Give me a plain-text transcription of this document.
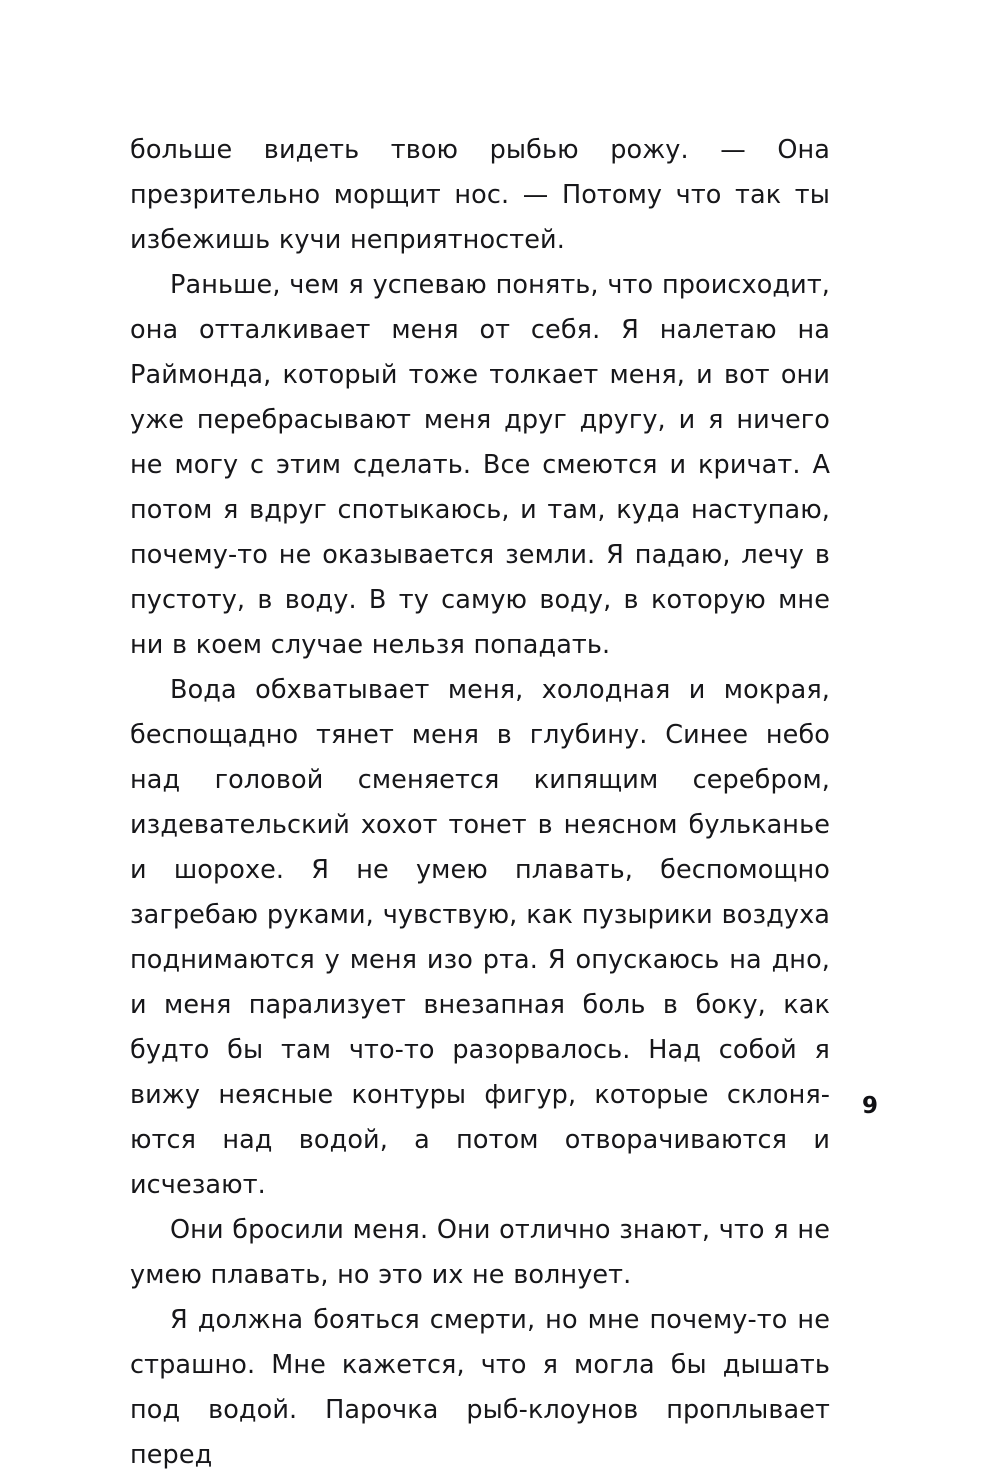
больше видеть твою рыбью рожу. — Она презрительно морщит нос. — Потому что так ты избежишь кучи неприятностей.

Раньше, чем я успеваю понять, что происходит, она отталкивает меня от себя. Я налетаю на Раймонда, который тоже толкает меня, и вот они уже перебрасывают меня друг другу, и я ничего не могу с этим сделать. Все смеются и кричат. А потом я вдруг спотыкаюсь, и там, куда наступаю, почему-то не оказывается земли. Я падаю, лечу в пустоту, в воду. В ту самую воду, в которую мне ни в коем случае нельзя попадать.

Вода обхватывает меня, холодная и мокрая, беспощадно тянет меня в глубину. Синее небо над головой сменяется кипящим серебром, издевательский хохот тонет в неясном бульканье и шорохе. Я не умею плавать, беспомощно загребаю руками, чувствую, как пузырики воздуха поднимаются у меня изо рта. Я опускаюсь на дно, и меня парализует внезапная боль в боку, как будто бы там что-то разорвалось. Над собой я вижу неясные контуры фигур, которые склоняются над водой, а потом отворачиваются и исчезают.

Они бросили меня. Они отлично знают, что я не умею плавать, но это их не волнует.

Я должна бояться смерти, но мне почему-то не страшно. Мне кажется, что я могла бы дышать под водой. Парочка рыб-клоунов проплывает перед

9
